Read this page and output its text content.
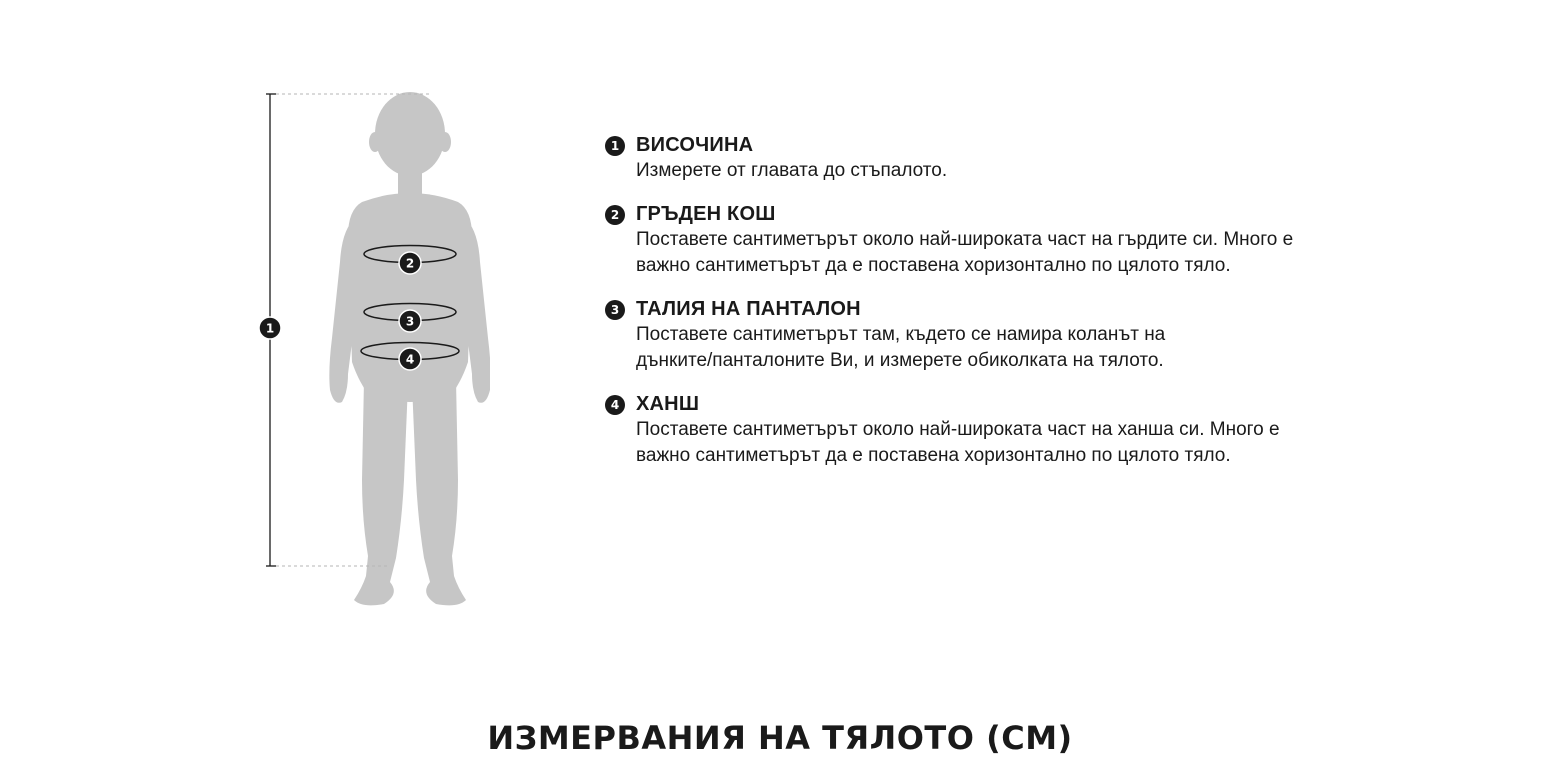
1
2
3
4
1 ВИСОЧИНА
Измерете от главата до стъпалото.
2 ГРЪДЕН КОШ
Поставете сантиметърът около най-широката част на гърдите си. Много е важно сантиметърът да е поставена хоризонтално по цялото тяло.
3 ТАЛИЯ НА ПАНТАЛОН
Поставете сантиметърът там, където се намира коланът на дънките/панталоните Ви, и измерете обиколката на тялото.
4 ХАНШ
Поставете сантиметърът около най-широката част на ханша си. Много е важно сантиметърът да е поставена хоризонтално по цялото тяло.
ИЗМЕРВАНИЯ НА ТЯЛОТО (СМ)
